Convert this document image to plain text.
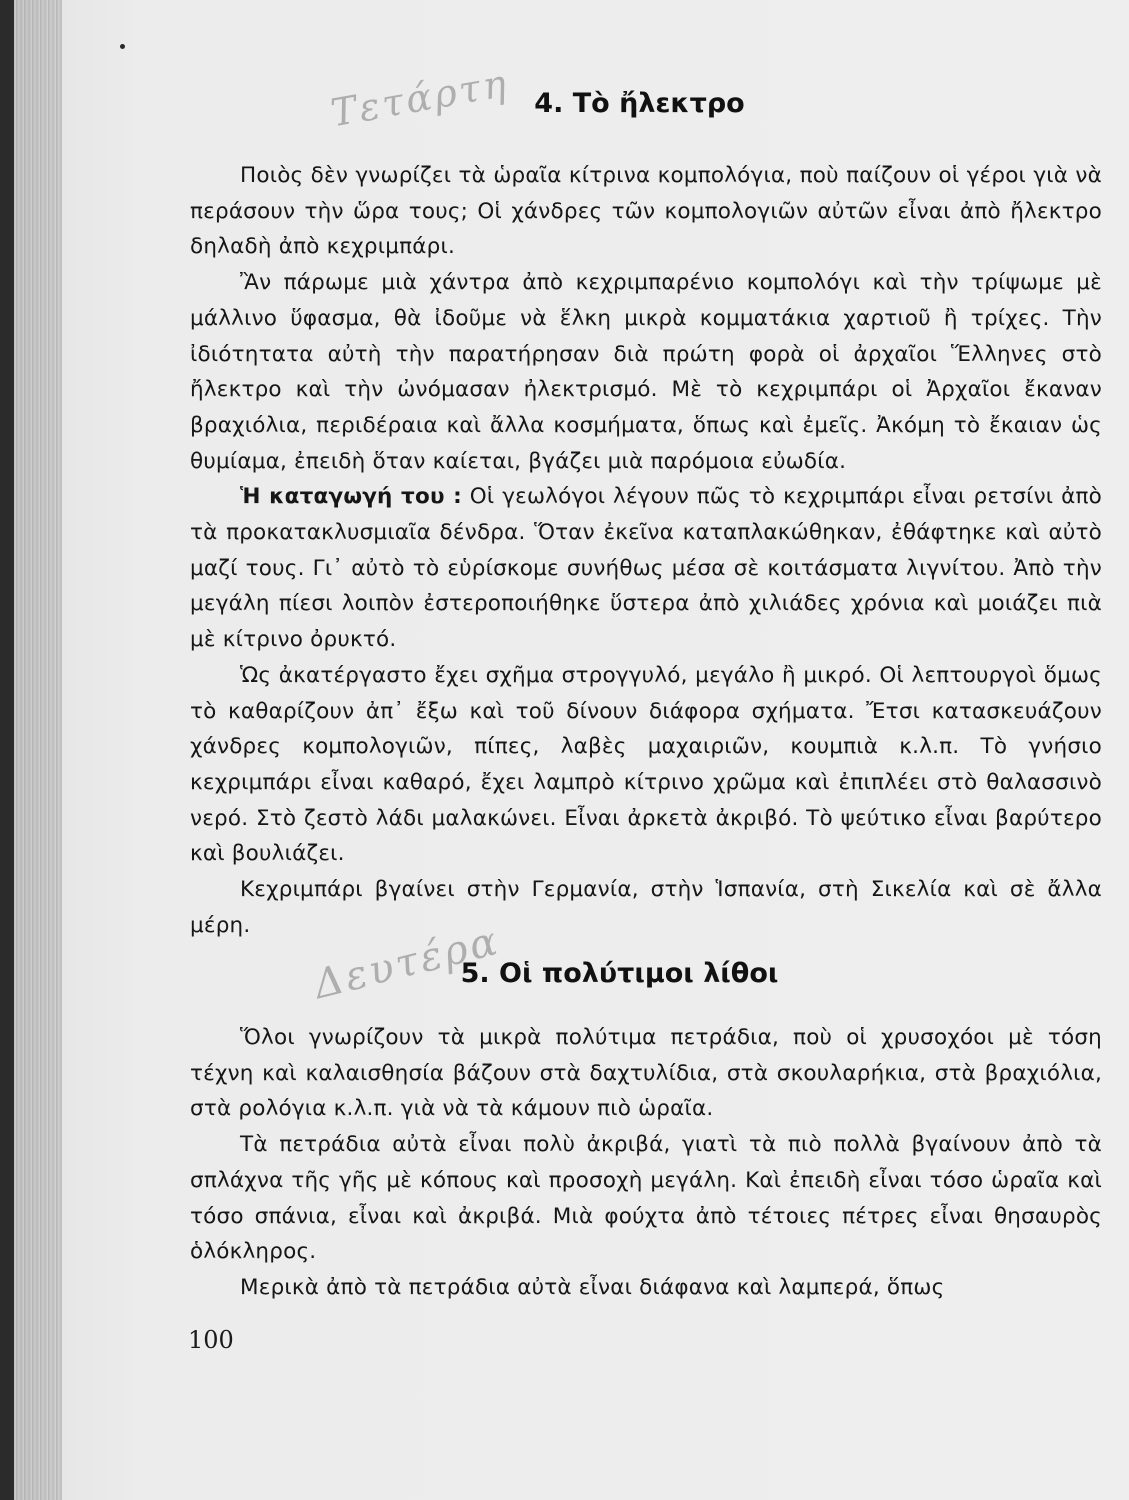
Τετάρτη 4. Τὸ ἤλεκτρο

Ποιὸς δὲν γνωρίζει τὰ ὡραῖα κίτρινα κομπολόγια, ποὺ παίζουν οἱ γέροι γιὰ νὰ περάσουν τὴν ὥρα τους; Οἱ χάνδρες τῶν κομπολογιῶν αὐτῶν εἶναι ἀπὸ ἤλεκτρο δηλαδὴ ἀπὸ κεχριμπάρι.

Ἂν πάρωμε μιὰ χάντρα ἀπὸ κεχριμπαρένιο κομπολόγι καὶ τὴν τρίψωμε μὲ μάλλινο ὕφασμα, θὰ ἰδοῦμε νὰ ἕλκη μικρὰ κομματάκια χαρτιοῦ ἢ τρίχες. Τὴν ἰδιότητατα αὐτὴ τὴν παρατήρησαν διὰ πρώτη φορὰ οἱ ἀρχαῖοι Ἕλληνες στὸ ἤλεκτρο καὶ τὴν ὠνόμασαν ἠλεκτρισμό. Μὲ τὸ κεχριμπάρι οἱ Ἀρχαῖοι ἔκαναν βραχιόλια, περιδέραια καὶ ἄλλα κοσμήματα, ὅπως καὶ ἐμεῖς. Ἀκόμη τὸ ἔκαιαν ὡς θυμίαμα, ἐπειδὴ ὅταν καίεται, βγάζει μιὰ παρόμοια εὐωδία.

Ἡ καταγωγή του : Οἱ γεωλόγοι λέγουν πῶς τὸ κεχριμπάρι εἶναι ρετσίνι ἀπὸ τὰ προκατακλυσμιαῖα δένδρα. Ὅταν ἐκεῖνα καταπλακώθηκαν, ἐθάφτηκε καὶ αὐτὸ μαζί τους. Γι᾽ αὐτὸ τὸ εὑρίσκομε συνήθως μέσα σὲ κοιτάσματα λιγνίτου. Ἀπὸ τὴν μεγάλη πίεσι λοιπὸν ἐστεροποιήθηκε ὕστερα ἀπὸ χιλιάδες χρόνια καὶ μοιάζει πιὰ μὲ κίτρινο ὀρυκτό.

Ὡς ἀκατέργαστο ἔχει σχῆμα στρογγυλό, μεγάλο ἢ μικρό. Οἱ λεπτουργοὶ ὅμως τὸ καθαρίζουν ἀπ᾽ ἔξω καὶ τοῦ δίνουν διάφορα σχήματα. Ἔτσι κατασκευάζουν χάνδρες κομπολογιῶν, πίπες, λαβὲς μαχαιριῶν, κουμπιὰ κ.λ.π. Τὸ γνήσιο κεχριμπάρι εἶναι καθαρό, ἔχει λαμπρὸ κίτρινο χρῶμα καὶ ἐπιπλέει στὸ θαλασσινὸ νερό. Στὸ ζεστὸ λάδι μαλακώνει. Εἶναι ἀρκετὰ ἀκριβό. Τὸ ψεύτικο εἶναι βαρύτερο καὶ βουλιάζει.

Κεχριμπάρι βγαίνει στὴν Γερμανία, στὴν Ἱσπανία, στὴ Σικελία καὶ σὲ ἄλλα μέρη.	Δευτέρα
5. Οἱ πολύτιμοι λίθοι

Ὅλοι γνωρίζουν τὰ μικρὰ πολύτιμα πετράδια, ποὺ οἱ χρυσοχόοι μὲ τόση τέχνη καὶ καλαισθησία βάζουν στὰ δαχτυλίδια, στὰ σκουλαρήκια, στὰ βραχιόλια, στὰ ρολόγια κ.λ.π. γιὰ νὰ τὰ κάμουν πιὸ ὡραῖα.

Τὰ πετράδια αὐτὰ εἶναι πολὺ ἀκριβά, γιατὶ τὰ πιὸ πολλὰ βγαίνουν ἀπὸ τὰ σπλάχνα τῆς γῆς μὲ κόπους καὶ προσοχὴ μεγάλη. Καὶ ἐπειδὴ εἶναι τόσο ὡραῖα καὶ τόσο σπάνια, εἶναι καὶ ἀκριβά. Μιὰ φούχτα ἀπὸ τέτοιες πέτρες εἶναι θησαυρὸς ὁλόκληρος.

Μερικὰ ἀπὸ τὰ πετράδια αὐτὰ εἶναι διάφανα καὶ λαμπερά, ὅπως

100
